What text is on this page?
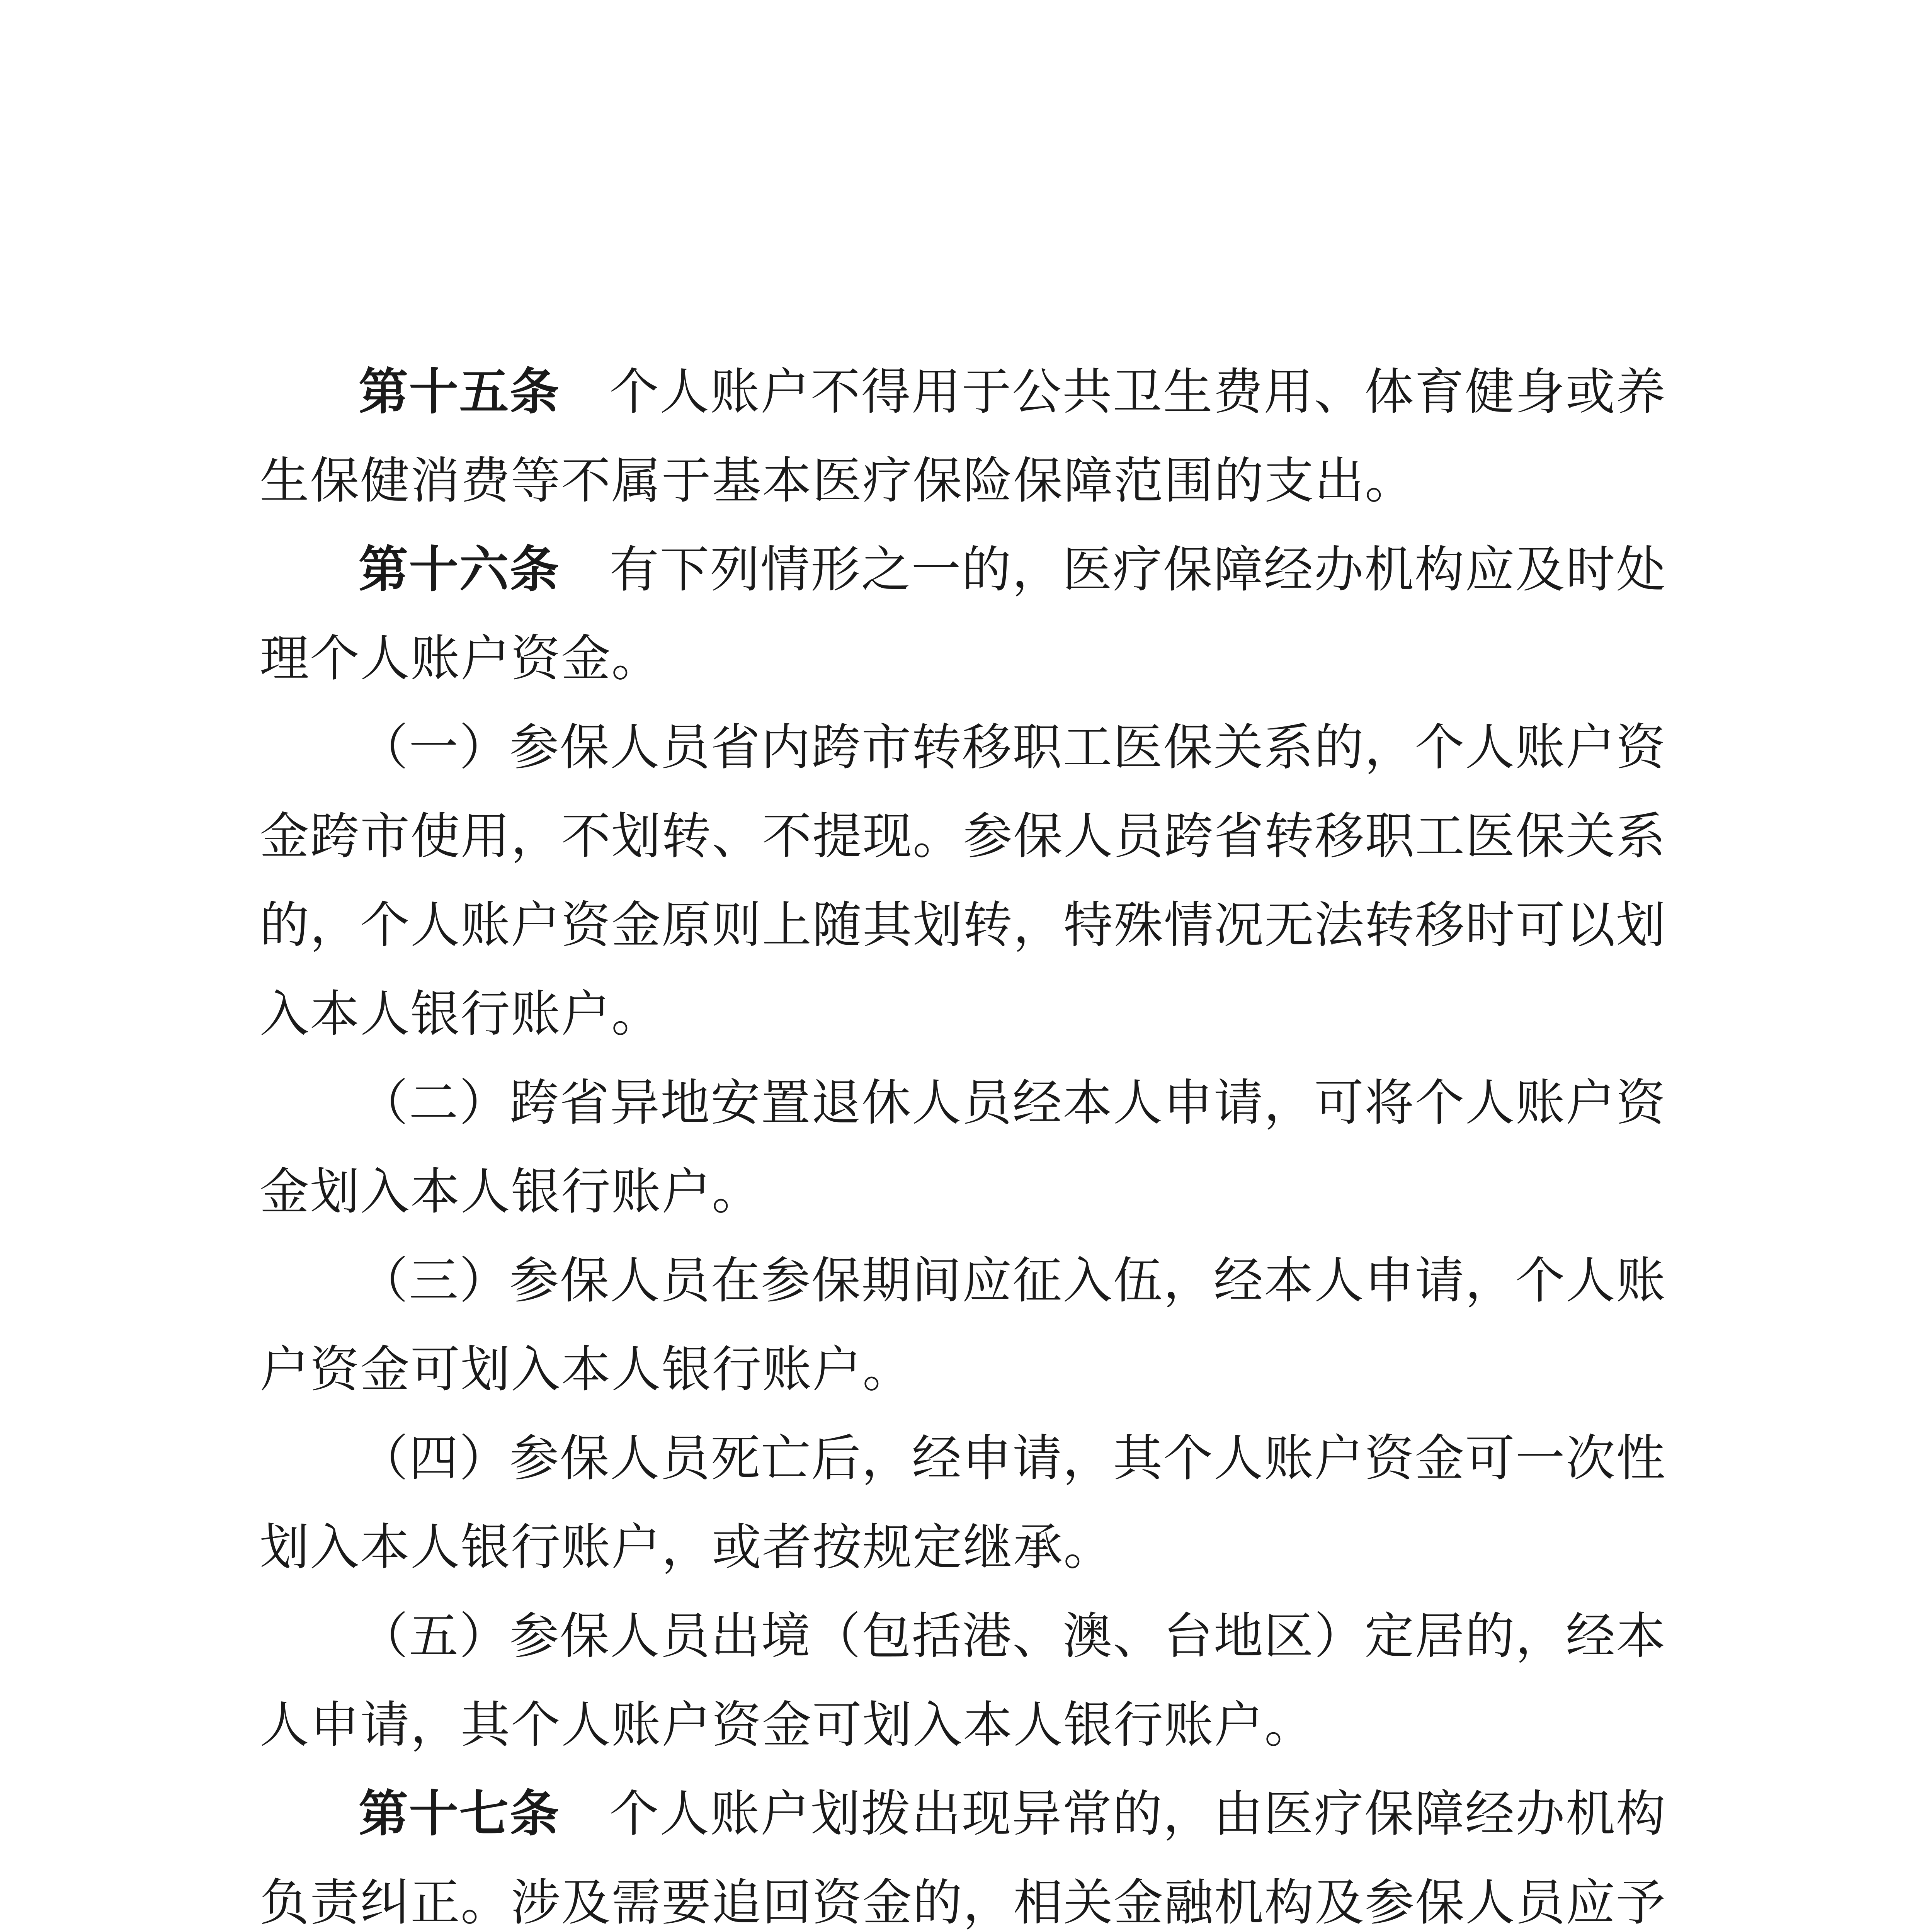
第十五条 个人账户不得用于公共卫生费用、体育健身或养生保健消费等不属于基本医疗保险保障范围的支出。

第十六条 有下列情形之一的，医疗保障经办机构应及时处理个人账户资金。

（一）参保人员省内跨市转移职工医保关系的，个人账户资金跨市使用，不划转、不提现。参保人员跨省转移职工医保关系的，个人账户资金原则上随其划转，特殊情况无法转移时可以划入本人银行账户。

（二）跨省异地安置退休人员经本人申请，可将个人账户资金划入本人银行账户。

（三）参保人员在参保期间应征入伍，经本人申请，个人账户资金可划入本人银行账户。

（四）参保人员死亡后，经申请，其个人账户资金可一次性划入本人银行账户，或者按规定继承。

（五）参保人员出境（包括港、澳、台地区）定居的，经本人申请，其个人账户资金可划入本人银行账户。

第十七条 个人账户划拨出现异常的，由医疗保障经办机构负责纠正。涉及需要追回资金的，相关金融机构及参保人员应予
